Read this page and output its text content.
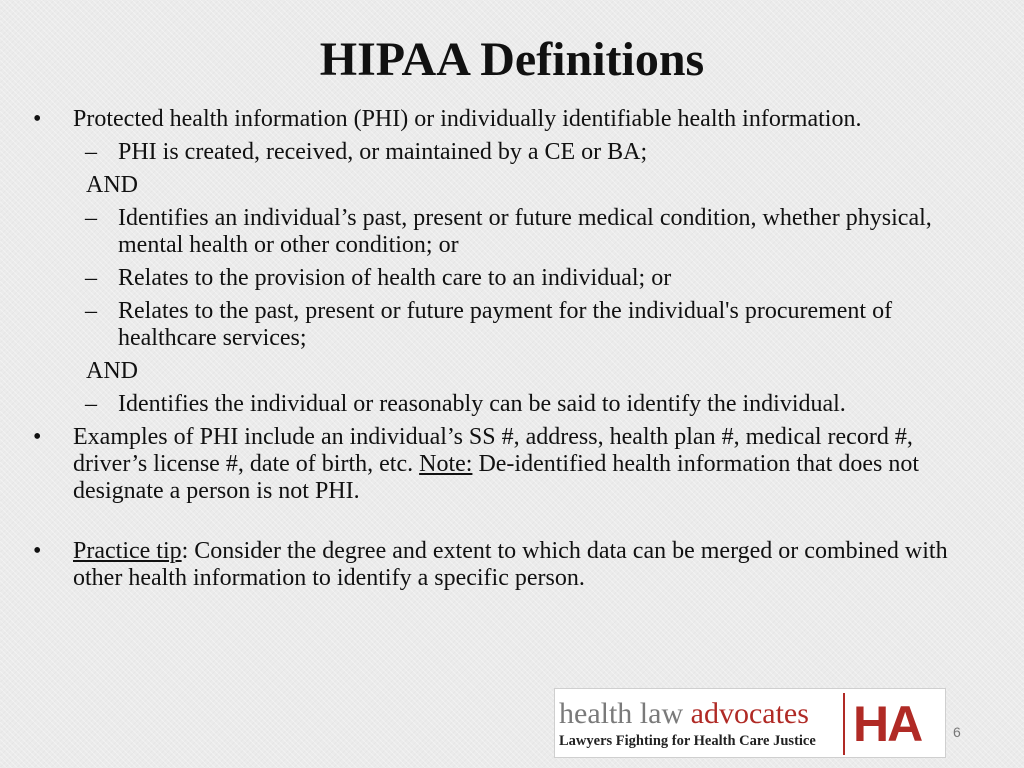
HIPAA Definitions
• Protected health information (PHI) or individually identifiable health information.
– PHI is created, received, or maintained by a CE or BA;
AND
– Identifies an individual’s past, present or future medical condition, whether physical, mental health or other condition; or
– Relates to the provision of health care to an individual; or
– Relates to the past, present or future payment for the individual's procurement of healthcare services;
AND
– Identifies the individual or reasonably can be said to identify the individual.
• Examples of PHI include an individual’s SS #, address, health plan #, medical record #, driver’s license #, date of birth, etc. Note: De-identified health information that does not designate a person is not PHI.
• Practice tip: Consider the degree and extent to which data can be merged or combined with other health information to identify a specific person.
health law advocates
Lawyers Fighting for Health Care Justice HA	6
